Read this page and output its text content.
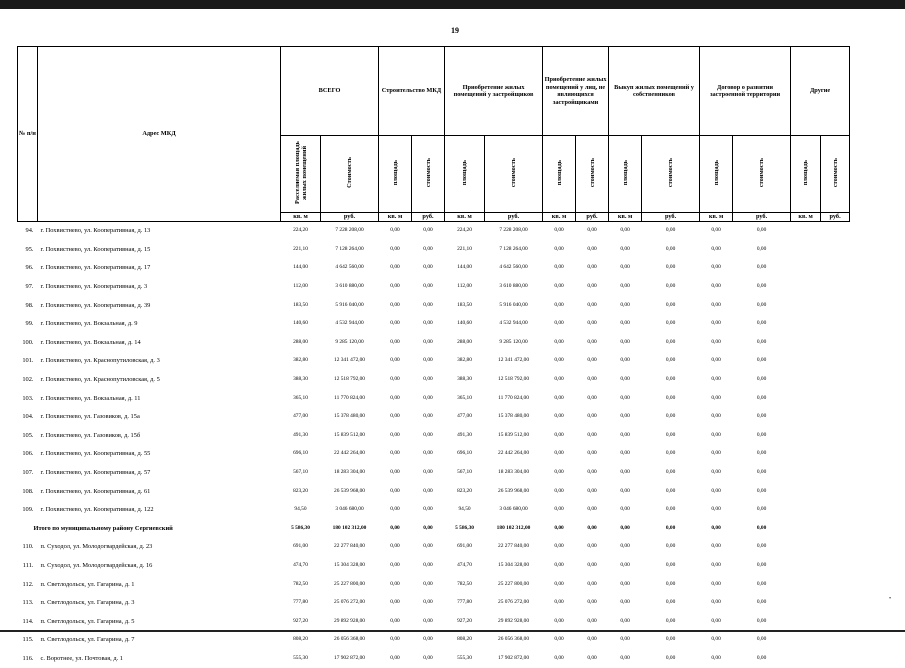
19
№ п/н	Адрес МКД	ВСЕГО		Строительство МКД		Приобретение жилых помещений у застройщиков		Приобретение жилых помещений у лиц, не являющихся застройщиками		Выкуп жилых помещений у собственников		Договор о развитии застроенной территории		Другие	
		Расселяемая площадь жилых помещений	Стоимость	площадь	стоимость	площадь	стоимость	площадь	стоимость	площадь	стоимость	площадь	стоимость	площадь	стоимость
		кв. м	руб.	кв. м	руб.	кв. м	руб.	кв. м	руб.	кв. м	руб.	кв. м	руб.	кв. м	руб.
94.	г. Похвистнево, ул. Кооперативная, д. 13	224,20	7 228 208,00	0,00	0,00	224,20	7 228 208,00	0,00	0,00	0,00	0,00	0,00	0,00		
95.	г. Похвистнево, ул. Кооперативная, д. 15	221,10	7 128 264,00	0,00	0,00	221,10	7 128 264,00	0,00	0,00	0,00	0,00	0,00	0,00		
96.	г. Похвистнево, ул. Кооперативная, д. 17	144,00	4 642 560,00	0,00	0,00	144,00	4 642 560,00	0,00	0,00	0,00	0,00	0,00	0,00		
97.	г. Похвистнево, ул. Кооперативная, д. 3	112,00	3 610 880,00	0,00	0,00	112,00	3 610 880,00	0,00	0,00	0,00	0,00	0,00	0,00		
98.	г. Похвистнево, ул. Кооперативная, д. 39	183,50	5 916 040,00	0,00	0,00	183,50	5 916 040,00	0,00	0,00	0,00	0,00	0,00	0,00		
99.	г. Похвистнево, ул. Вокзальная, д. 9	140,60	4 532 944,00	0,00	0,00	140,60	4 532 944,00	0,00	0,00	0,00	0,00	0,00	0,00		
100.	г. Похвистнево, ул. Вокзальная, д. 14	288,00	9 285 120,00	0,00	0,00	288,00	9 285 120,00	0,00	0,00	0,00	0,00	0,00	0,00		
101.	г. Похвистнево, ул. Краснопутиловская, д. 3	382,80	12 341 472,00	0,00	0,00	382,80	12 341 472,00	0,00	0,00	0,00	0,00	0,00	0,00		
102.	г. Похвистнево, ул. Краснопутиловская, д. 5	388,30	12 518 792,00	0,00	0,00	388,30	12 518 792,00	0,00	0,00	0,00	0,00	0,00	0,00		
103.	г. Похвистнево, ул. Вокзальная, д. 11	365,10	11 770 824,00	0,00	0,00	365,10	11 770 824,00	0,00	0,00	0,00	0,00	0,00	0,00		
104.	г. Похвистнево, ул. Газовиков, д. 15а	477,00	15 378 480,00	0,00	0,00	477,00	15 378 480,00	0,00	0,00	0,00	0,00	0,00	0,00		
105.	г. Похвистнево, ул. Газовиков, д. 15б	491,30	15 839 512,00	0,00	0,00	491,30	15 839 512,00	0,00	0,00	0,00	0,00	0,00	0,00		
106.	г. Похвистнево, ул. Кооперативная, д. 55	696,10	22 442 264,00	0,00	0,00	696,10	22 442 264,00	0,00	0,00	0,00	0,00	0,00	0,00		
107.	г. Похвистнево, ул. Кооперативная, д. 57	567,10	18 283 304,00	0,00	0,00	567,10	18 283 304,00	0,00	0,00	0,00	0,00	0,00	0,00		
108.	г. Похвистнево, ул. Кооперативная, д. 61	823,20	26 539 968,00	0,00	0,00	823,20	26 539 968,00	0,00	0,00	0,00	0,00	0,00	0,00		
109.	г. Похвистнево, ул. Кооперативная, д. 122	94,50	3 046 680,00	0,00	0,00	94,50	3 046 680,00	0,00	0,00	0,00	0,00	0,00	0,00		
Итого по муниципальному району Сергиевский		5 586,30	180 102 312,00	0,00	0,00	5 586,30	180 102 312,00	0,00	0,00	0,00	0,00	0,00	0,00		
110.	п. Суходол, ул. Молодогвардейская, д. 23	691,00	22 277 840,00	0,00	0,00	691,00	22 277 840,00	0,00	0,00	0,00	0,00	0,00	0,00		
111.	п. Суходол, ул. Молодогвардейская, д. 16	474,70	15 304 328,00	0,00	0,00	474,70	15 304 328,00	0,00	0,00	0,00	0,00	0,00	0,00		
112.	п. Светлодольск, ул. Гагарина, д. 1	782,50	25 227 800,00	0,00	0,00	782,50	25 227 800,00	0,00	0,00	0,00	0,00	0,00	0,00		
113.	п. Светлодольск, ул. Гагарина, д. 3	777,80	25 076 272,00	0,00	0,00	777,80	25 076 272,00	0,00	0,00	0,00	0,00	0,00	0,00		
114.	п. Светлодольск, ул. Гагарина, д. 5	927,20	29 892 928,00	0,00	0,00	927,20	29 892 928,00	0,00	0,00	0,00	0,00	0,00	0,00		
115.	п. Светлодольск, ул. Гагарина, д. 7	808,20	26 056 368,00	0,00	0,00	808,20	26 056 368,00	0,00	0,00	0,00	0,00	0,00	0,00		
116.	с. Воротнее, ул. Почтовая, д. 1	555,30	17 902 872,00	0,00	0,00	555,30	17 902 872,00	0,00	0,00	0,00	0,00	0,00	0,00		
•
